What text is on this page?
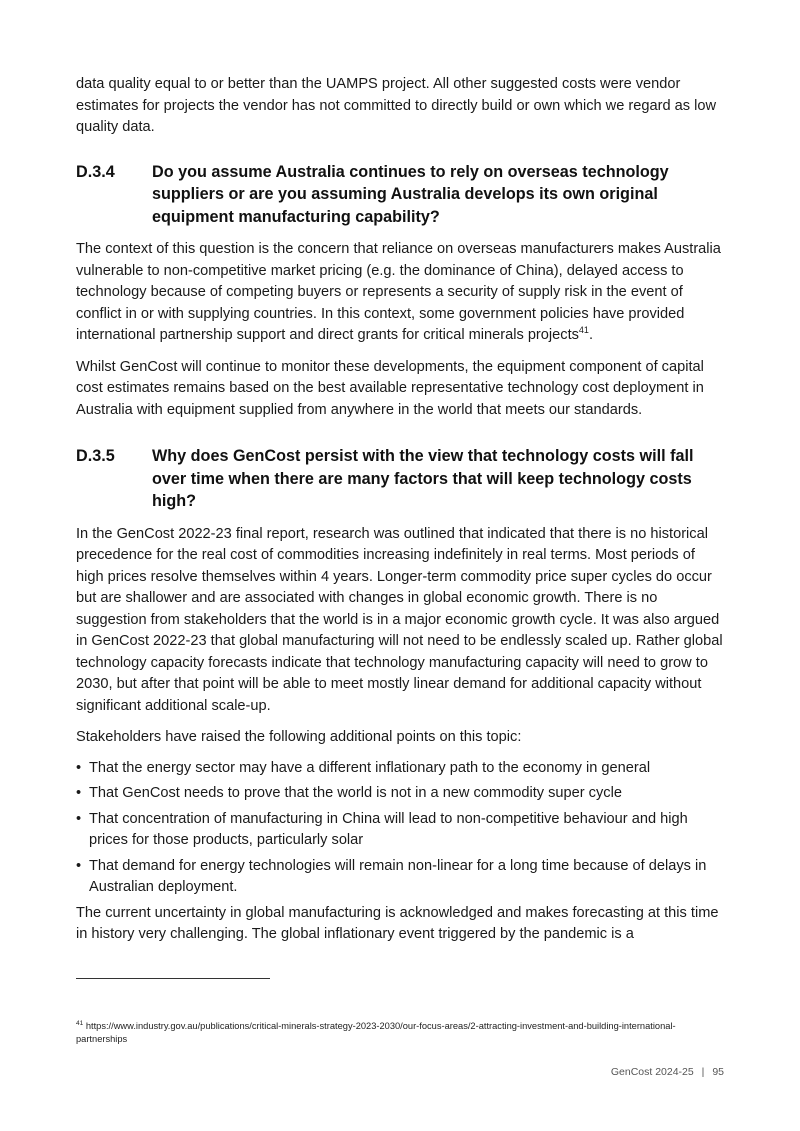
data quality equal to or better than the UAMPS project. All other suggested costs were vendor estimates for projects the vendor has not committed to directly build or own which we regard as low quality data.

D.3.4	Do you assume Australia continues to rely on overseas technology suppliers or are you assuming Australia develops its own original equipment manufacturing capability?

The context of this question is the concern that reliance on overseas manufacturers makes Australia vulnerable to non-competitive market pricing (e.g. the dominance of China), delayed access to technology because of competing buyers or represents a security of supply risk in the event of conflict in or with supplying countries. In this context, some government policies have provided international partnership support and direct grants for critical minerals projects$^{41}$.

Whilst GenCost will continue to monitor these developments, the equipment component of capital cost estimates remains based on the best available representative technology cost deployment in Australia with equipment supplied from anywhere in the world that meets our standards.

D.3.5	Why does GenCost persist with the view that technology costs will fall over time when there are many factors that will keep technology costs high?

In the GenCost 2022-23 final report, research was outlined that indicated that there is no historical precedence for the real cost of commodities increasing indefinitely in real terms. Most periods of high prices resolve themselves within 4 years. Longer-term commodity price super cycles do occur but are shallower and are associated with changes in global economic growth. There is no suggestion from stakeholders that the world is in a major economic growth cycle. It was also argued in GenCost 2022-23 that global manufacturing will not need to be endlessly scaled up. Rather global technology capacity forecasts indicate that technology manufacturing capacity will need to grow to 2030, but after that point will be able to meet mostly linear demand for additional capacity without significant additional scale-up.

Stakeholders have raised the following additional points on this topic:

• That the energy sector may have a different inflationary path to the economy in general
• That GenCost needs to prove that the world is not in a new commodity super cycle
• That concentration of manufacturing in China will lead to non-competitive behaviour and high prices for those products, particularly solar
• That demand for energy technologies will remain non-linear for a long time because of delays in Australian deployment.

The current uncertainty in global manufacturing is acknowledged and makes forecasting at this time in history very challenging. The global inflationary event triggered by the pandemic is a

$^{41}$ https://www.industry.gov.au/publications/critical-minerals-strategy-2023-2030/our-focus-areas/2-attracting-investment-and-building-international-partnerships
GenCost 2024-25 | 95
